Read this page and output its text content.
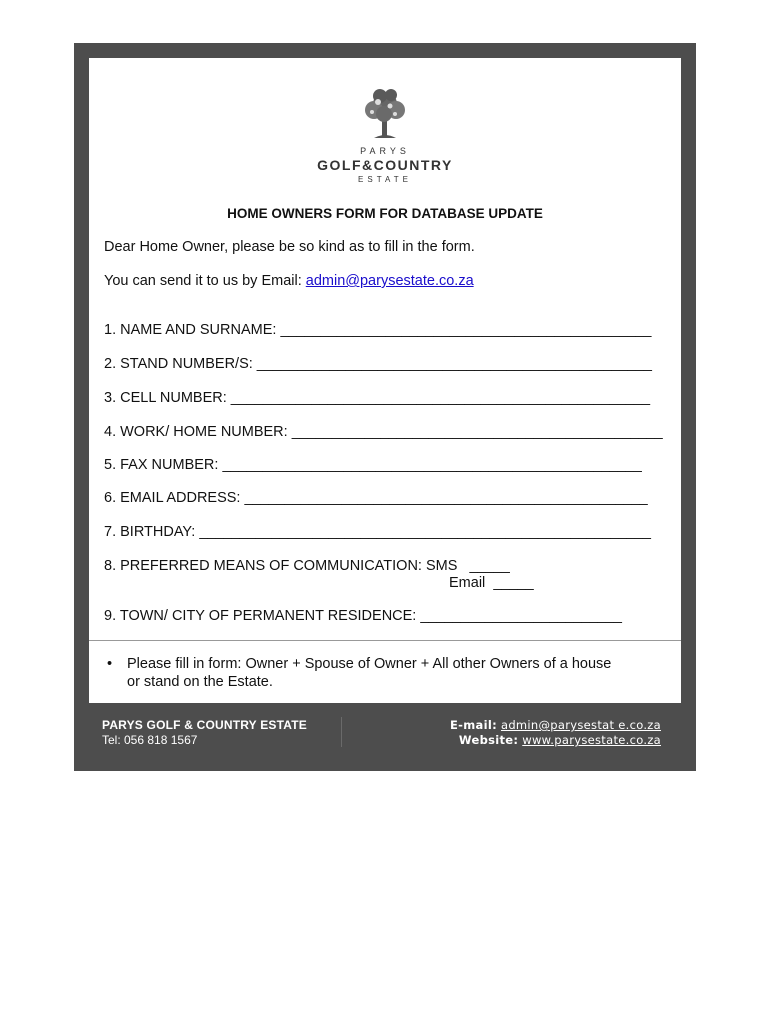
• Please fill in form: Owner + Spouse of Owner + All other Owners of a house or stand on the Estate.
PARYS
GOLF&COUNTRY
ESTATE
HOME OWNERS FORM FOR DATABASE UPDATE
Dear Home Owner, please be so kind as to fill in the form.
You can send it to us by Email: admin@parysestate.co.za
1. NAME AND SURNAME: ______________________________________________
2. STAND NUMBER/S: _________________________________________________
3. CELL NUMBER: ____________________________________________________
4. WORK/ HOME NUMBER: ______________________________________________
5. FAX NUMBER: ____________________________________________________
6. EMAIL ADDRESS: __________________________________________________
7. BIRTHDAY: ________________________________________________________
8. PREFERRED MEANS OF COMMUNICATION: SMS   _____
Email  _____
9. TOWN/ CITY OF PERMANENT RESIDENCE: _________________________
PARYS GOLF & COUNTRY ESTATE
Tel: 056 818 1567
E-mail: admin@parysestat e.co.za
Website: www.parysestate.co.za
